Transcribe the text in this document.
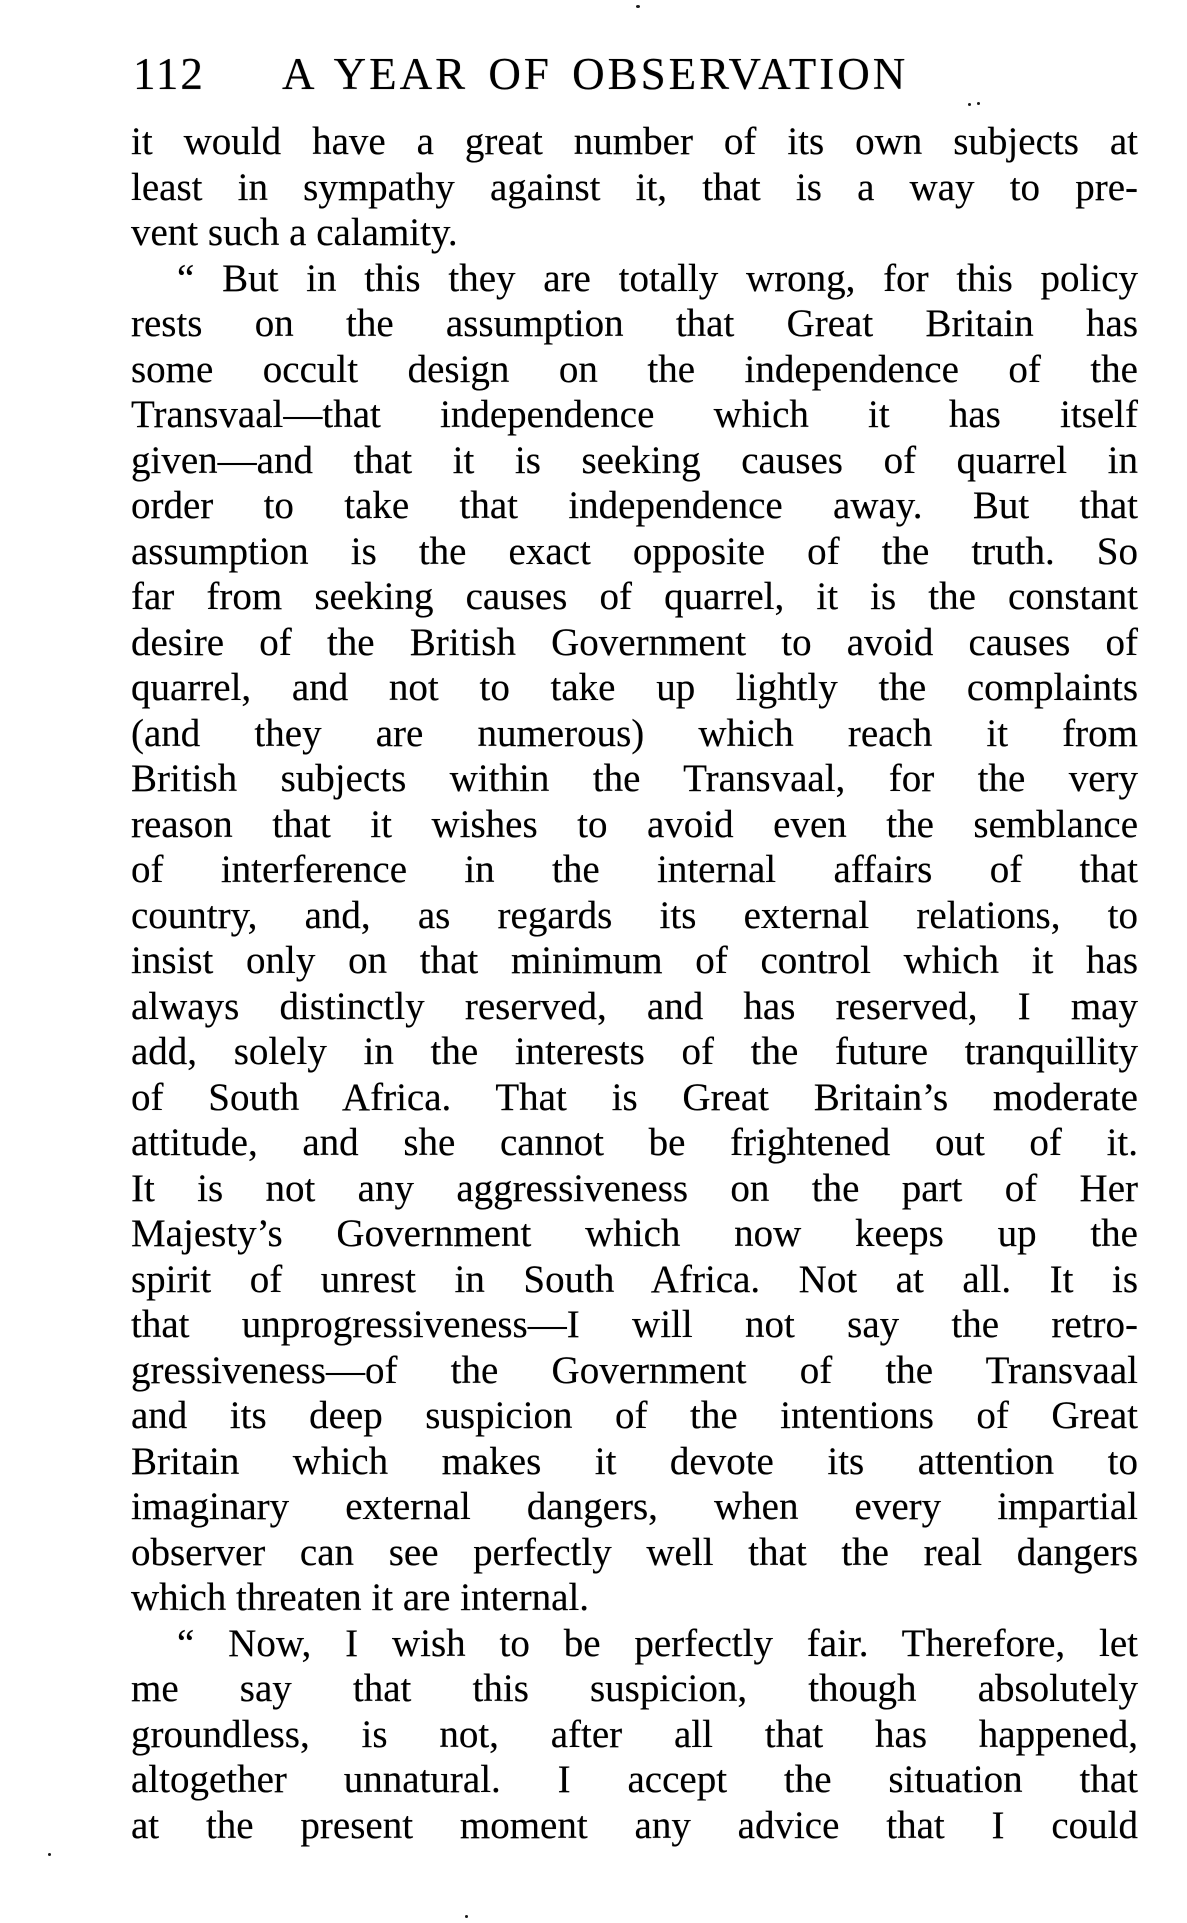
112 A YEAR OF OBSERVATION
it would have a great number of its own subjects at
least in sympathy against it, that is a way to pre-
vent such a calamity.
“ But in this they are totally wrong, for this policy
rests on the assumption that Great Britain has
some occult design on the independence of the
Transvaal—that independence which it has itself
given—and that it is seeking causes of quarrel in
order to take that independence away. But that
assumption is the exact opposite of the truth. So
far from seeking causes of quarrel, it is the constant
desire of the British Government to avoid causes of
quarrel, and not to take up lightly the complaints
(and they are numerous) which reach it from
British subjects within the Transvaal, for the very
reason that it wishes to avoid even the semblance
of interference in the internal affairs of that
country, and, as regards its external relations, to
insist only on that minimum of control which it has
always distinctly reserved, and has reserved, I may
add, solely in the interests of the future tranquillity
of South Africa. That is Great Britain’s moderate
attitude, and she cannot be frightened out of it.
It is not any aggressiveness on the part of Her
Majesty’s Government which now keeps up the
spirit of unrest in South Africa. Not at all. It is
that unprogressiveness—I will not say the retro-
gressiveness—of the Government of the Transvaal
and its deep suspicion of the intentions of Great
Britain which makes it devote its attention to
imaginary external dangers, when every impartial
observer can see perfectly well that the real dangers
which threaten it are internal.
“ Now, I wish to be perfectly fair. Therefore, let
me say that this suspicion, though absolutely
groundless, is not, after all that has happened,
altogether unnatural. I accept the situation that
at the present moment any advice that I could
